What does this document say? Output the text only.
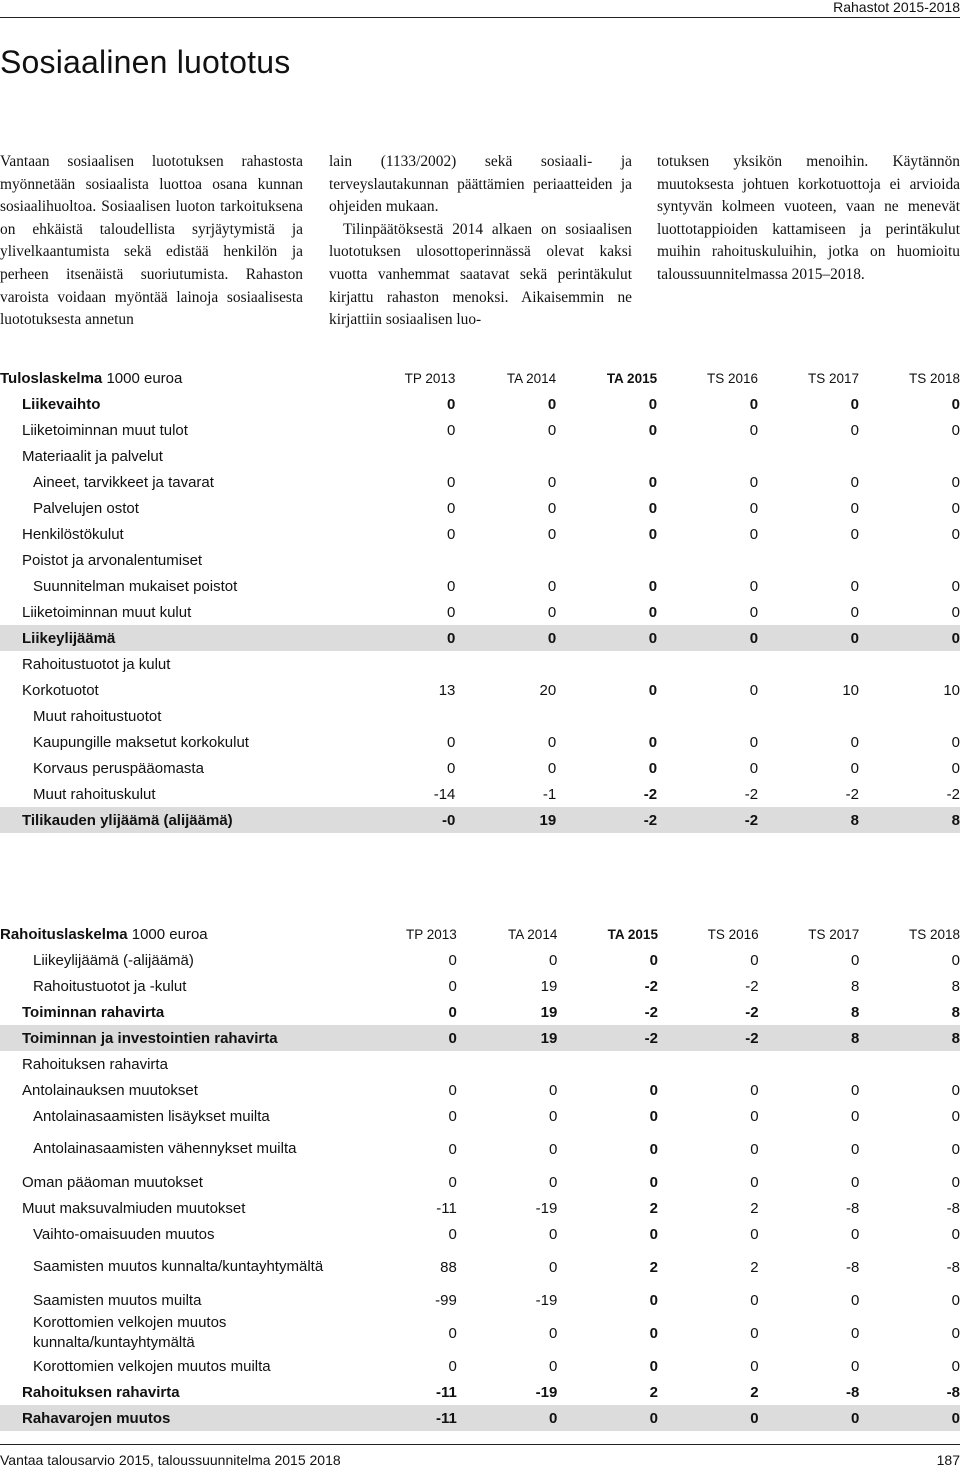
Rahastot 2015-2018
Sosiaalinen luototus

Vantaan sosiaalisen luototuksen rahastosta myönnetään sosiaalista luottoa osana kunnan sosiaalihuoltoa. Sosiaalisen luoton tarkoituksena on ehkäistä taloudellista syrjäytymistä ja ylivelkaantumista sekä edistää henkilön ja perheen itsenäistä suoriutumista. Rahaston varoista voidaan myöntää lainoja sosiaalisesta luototuksesta annetun

lain (1133/2002) sekä sosiaali- ja terveyslautakunnan päättämien periaatteiden ja ohjeiden mukaan.

Tilinpäätöksestä 2014 alkaen on sosiaalisen luototuksen ulosottoperinnässä olevat kaksi vuotta vanhemmat saatavat sekä perintäkulut kirjattu rahaston menoksi. Aikaisemmin ne kirjattiin sosiaalisen luo-

totuksen yksikön menoihin. Käytännön muutoksesta johtuen korkotuottoja ei arvioida syntyvän kolmeen vuoteen, vaan ne menevät luottotappioiden kattamiseen ja perintäkulut muihin rahoituskuluihin, jotka on huomioitu taloussuunnitelmassa 2015‒2018.

Tuloslaskelma 1000 euroa	TP 2013	TA 2014	TA 2015	TS 2016	TS 2017	TS 2018
Liikevaihto	0	0	0	0	0	0
Liiketoiminnan muut tulot	0	0	0	0	0	0
Materiaalit ja palvelut						
Aineet, tarvikkeet ja tavarat	0	0	0	0	0	0
Palvelujen ostot	0	0	0	0	0	0
Henkilöstökulut	0	0	0	0	0	0
Poistot ja arvonalentumiset						
Suunnitelman mukaiset poistot	0	0	0	0	0	0
Liiketoiminnan muut kulut	0	0	0	0	0	0
Liikeylijäämä	0	0	0	0	0	0
Rahoitustuotot ja kulut						
Korkotuotot	13	20	0	0	10	10
Muut rahoitustuotot						
Kaupungille maksetut korkokulut	0	0	0	0	0	0
Korvaus peruspääomasta	0	0	0	0	0	0
Muut rahoituskulut	-14	-1	-2	-2	-2	-2
Tilikauden ylijäämä (alijäämä)	-0	19	-2	-2	8	8
Rahoituslaskelma 1000 euroa	TP 2013	TA 2014	TA 2015	TS 2016	TS 2017	TS 2018
Liikeylijäämä (-alijäämä)	0	0	0	0	0	0
Rahoitustuotot ja -kulut	0	19	-2	-2	8	8
Toiminnan rahavirta	0	19	-2	-2	8	8
Toiminnan ja investointien rahavirta	0	19	-2	-2	8	8
Rahoituksen rahavirta						
Antolainauksen muutokset	0	0	0	0	0	0
Antolainasaamisten lisäykset muilta	0	0	0	0	0	0
Antolainasaamisten vähennykset muilta	0	0	0	0	0	0
Oman pääoman muutokset	0	0	0	0	0	0
Muut maksuvalmiuden muutokset	-11	-19	2	2	-8	-8
Vaihto-omaisuuden muutos	0	0	0	0	0	0
Saamisten muutos kunnalta/kuntayhtymältä	88	0	2	2	-8	-8
Saamisten muutos muilta	-99	-19	0	0	0	0
Korottomien velkojen muutos kunnalta/kuntayhtymältä	0	0	0	0	0	0
Korottomien velkojen muutos muilta	0	0	0	0	0	0
Rahoituksen rahavirta	-11	-19	2	2	-8	-8
Rahavarojen muutos	-11	0	0	0	0	0
Vantaa talousarvio 2015, taloussuunnitelma 2015 2018	187
